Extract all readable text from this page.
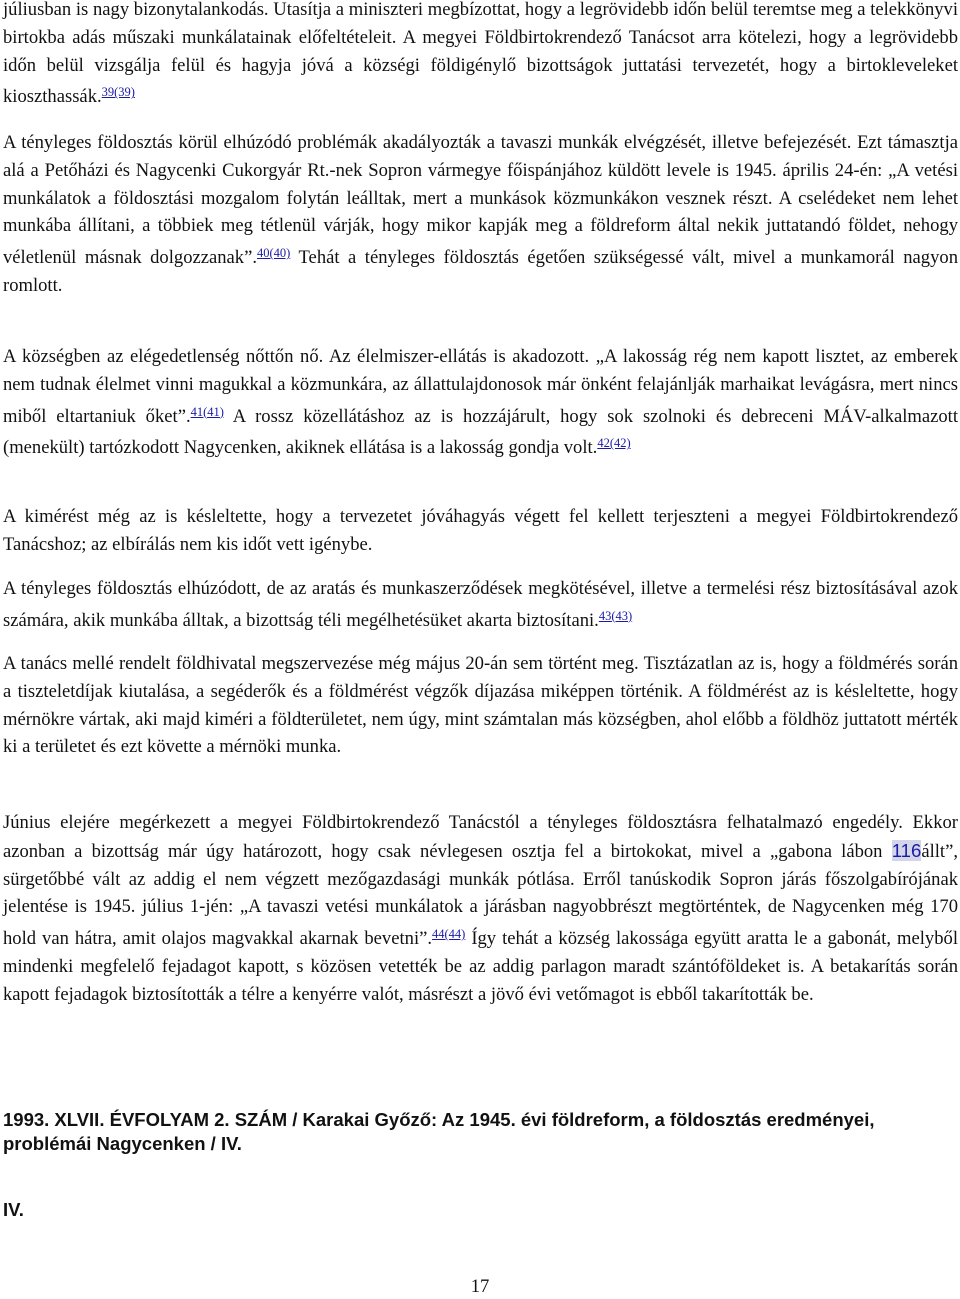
júliusban is nagy bizonytalankodás. Utasítja a miniszteri megbízottat, hogy a legrövidebb időn belül teremtse meg a telekkönyvi birtokba adás műszaki munkálatainak előfeltételeit. A megyei Földbirtokrendező Tanácsot arra kötelezi, hogy a legrövidebb időn belül vizsgálja felül és hagyja jóvá a községi földigénylő bizottságok juttatási tervezetét, hogy a birtokleveleket kioszthassák.$^{39(39)}$

A tényleges földosztás körül elhúzódó problémák akadályozták a tavaszi munkák elvégzését, illetve befejezését. Ezt támasztja alá a Petőházi és Nagycenki Cukorgyár Rt.-nek Sopron vármegye főispánjához küldött levele is 1945. április 24-én: „A vetési munkálatok a földosztási mozgalom folytán leálltak, mert a munkások közmunkákon vesznek részt. A cselédeket nem lehet munkába állítani, a többiek meg tétlenül várják, hogy mikor kapják meg a földreform által nekik juttatandó földet, nehogy véletlenül másnak dolgozzanak”.$^{40(40)}$ Tehát a tényleges földosztás égetően szükségessé vált, mivel a munkamorál nagyon romlott.

A községben az elégedetlenség nőttőn nő. Az élelmiszer-ellátás is akadozott. „A lakosság rég nem kapott lisztet, az emberek nem tudnak élelmet vinni magukkal a közmunkára, az állattulajdonosok már önként felajánlják marhaikat levágásra, mert nincs miből eltartaniuk őket”.$^{41(41)}$ A rossz közellátáshoz az is hozzájárult, hogy sok szolnoki és debreceni MÁV-alkalmazott (menekült) tartózkodott Nagycenken, akiknek ellátása is a lakosság gondja volt.$^{42(42)}$

A kimérést még az is késleltette, hogy a tervezetet jóváhagyás végett fel kellett terjeszteni a megyei Földbirtokrendező Tanácshoz; az elbírálás nem kis időt vett igénybe.

A tényleges földosztás elhúzódott, de az aratás és munkaszerződések megkötésével, illetve a termelési rész biztosításával azok számára, akik munkába álltak, a bizottság téli megélhetésüket akarta biztosítani.$^{43(43)}$

A tanács mellé rendelt földhivatal megszervezése még május 20-án sem történt meg. Tisztázatlan az is, hogy a földmérés során a tiszteletdíjak kiutalása, a segéderők és a földmérést végzők díjazása miképpen történik. A földmérést az is késleltette, hogy mérnökre vártak, aki majd kiméri a földterületet, nem úgy, mint számtalan más községben, ahol előbb a földhöz juttatott mérték ki a területet és ezt követte a mérnöki munka.

Június elejére megérkezett a megyei Földbirtokrendező Tanácstól a tényleges földosztásra felhatalmazó engedély. Ekkor azonban a bizottság már úgy határozott, hogy csak névlegesen osztja fel a birtokokat, mivel a „gabona lábon 116állt”, sürgetőbbé vált az addig el nem végzett mezőgazdasági munkák pótlása. Erről tanúskodik Sopron járás főszolgabírójának jelentése is 1945. július 1-jén: „A tavaszi vetési munkálatok a járásban nagyobbrészt megtörténtek, de Nagycenken még 170 hold van hátra, amit olajos magvakkal akarnak bevetni”.$^{44(44)}$ Így tehát a község lakossága együtt aratta le a gabonát, melyből mindenki megfelelő fejadagot kapott, s közösen vetették be az addig parlagon maradt szántóföldeket is. A betakarítás során kapott fejadagok biztosították a télre a kenyérre valót, másrészt a jövő évi vetőmagot is ebből takarították be.

1993. XLVII. ÉVFOLYAM 2. SZÁM / Karakai Győző: Az 1945. évi földreform, a földosztás eredményei, problémái Nagycenken / IV.

IV.

17
